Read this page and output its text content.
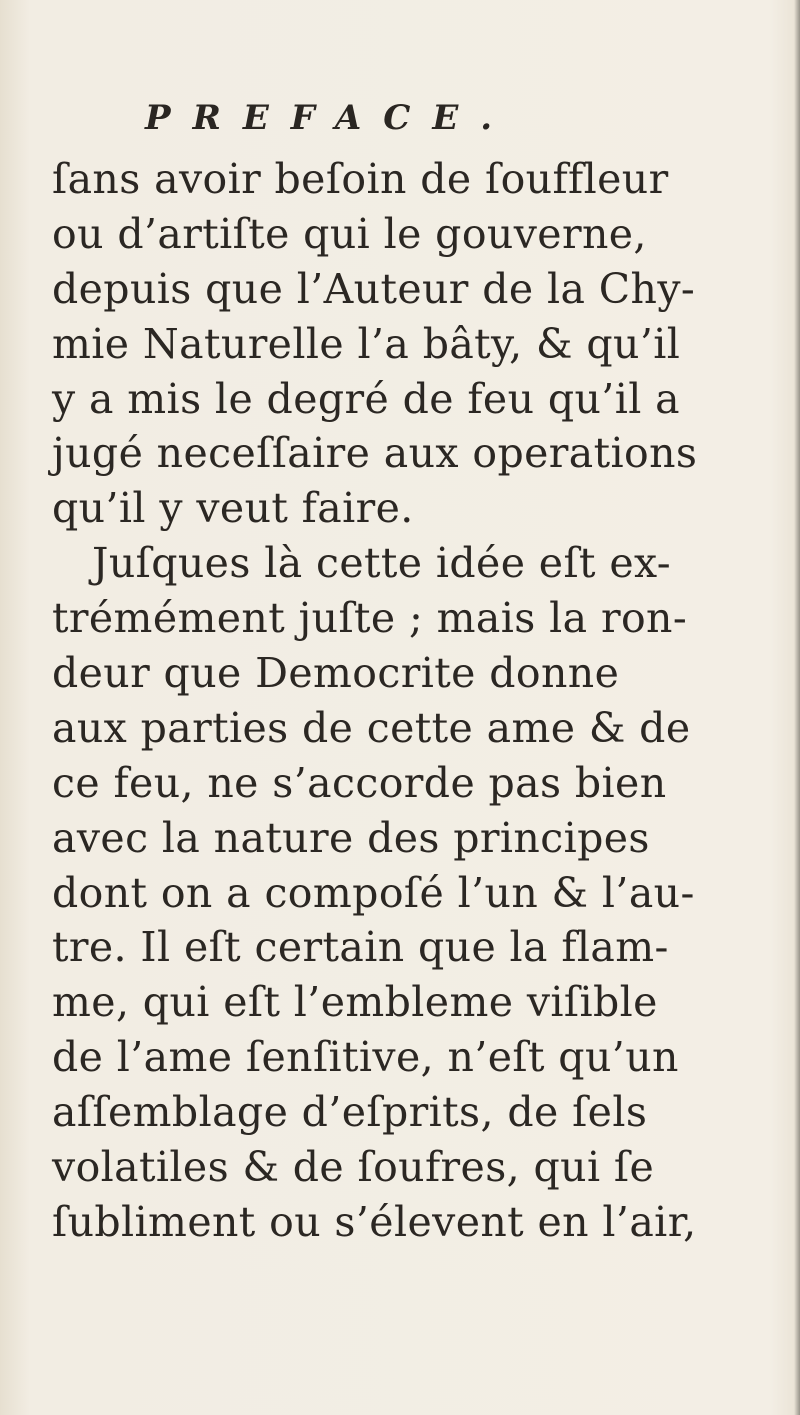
PREFACE.
ſans avoir beſoin de ſouffleur
ou d’artiſte qui le gouverne,
depuis que l’Auteur de la Chy-
mie Naturelle l’a bâty, & qu’il
y a mis le degré de feu qu’il a
jugé neceſſaire aux operations
qu’il y veut faire.
Juſques là cette idée eſt ex-
trémément juſte ; mais la ron-
deur que Democrite donne
aux parties de cette ame & de
ce feu, ne s’accorde pas bien
avec la nature des principes
dont on a compoſé l’un & l’au-
tre. Il eſt certain que la flam-
me, qui eſt l’embleme viſible
de l’ame ſenſitive, n’eſt qu’un
aſſemblage d’eſprits, de ſels
volatiles & de ſoufres, qui ſe
ſubliment ou s’élevent en l’air,
